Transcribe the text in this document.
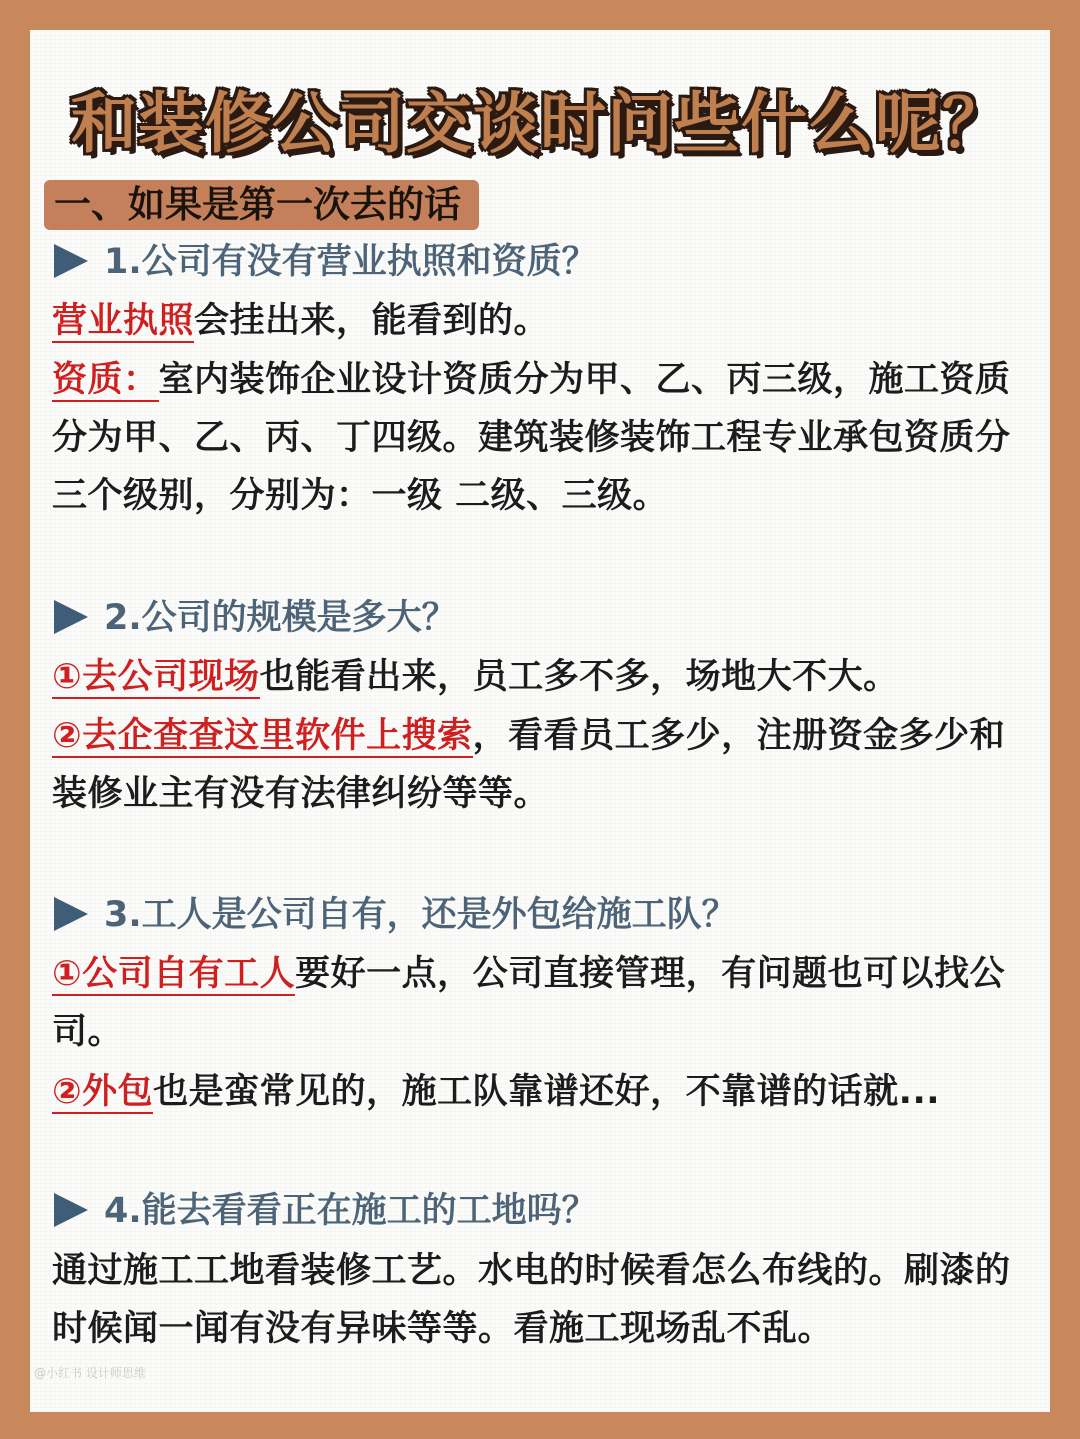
和装修公司交谈时问些什么呢？
一、如果是第一次去的话
1.公司有没有营业执照和资质？
营业执照会挂出来，能看到的。
资质：室内装饰企业设计资质分为甲、乙、丙三级，施工资质分为甲、乙、丙、丁四级。建筑装修装饰工程专业承包资质分三个级别，分别为：一级 二级、三级。
2.公司的规模是多大？
①去公司现场也能看出来，员工多不多，场地大不大。
②去企查查这里软件上搜索，看看员工多少，注册资金多少和装修业主有没有法律纠纷等等。
3.工人是公司自有，还是外包给施工队？
①公司自有工人要好一点，公司直接管理，有问题也可以找公司。
②外包也是蛮常见的，施工队靠谱还好，不靠谱的话就...
4.能去看看正在施工的工地吗？
通过施工工地看装修工艺。水电的时候看怎么布线的。刷漆的时候闻一闻有没有异味等等。看施工现场乱不乱。
@小红书 设计师思维
